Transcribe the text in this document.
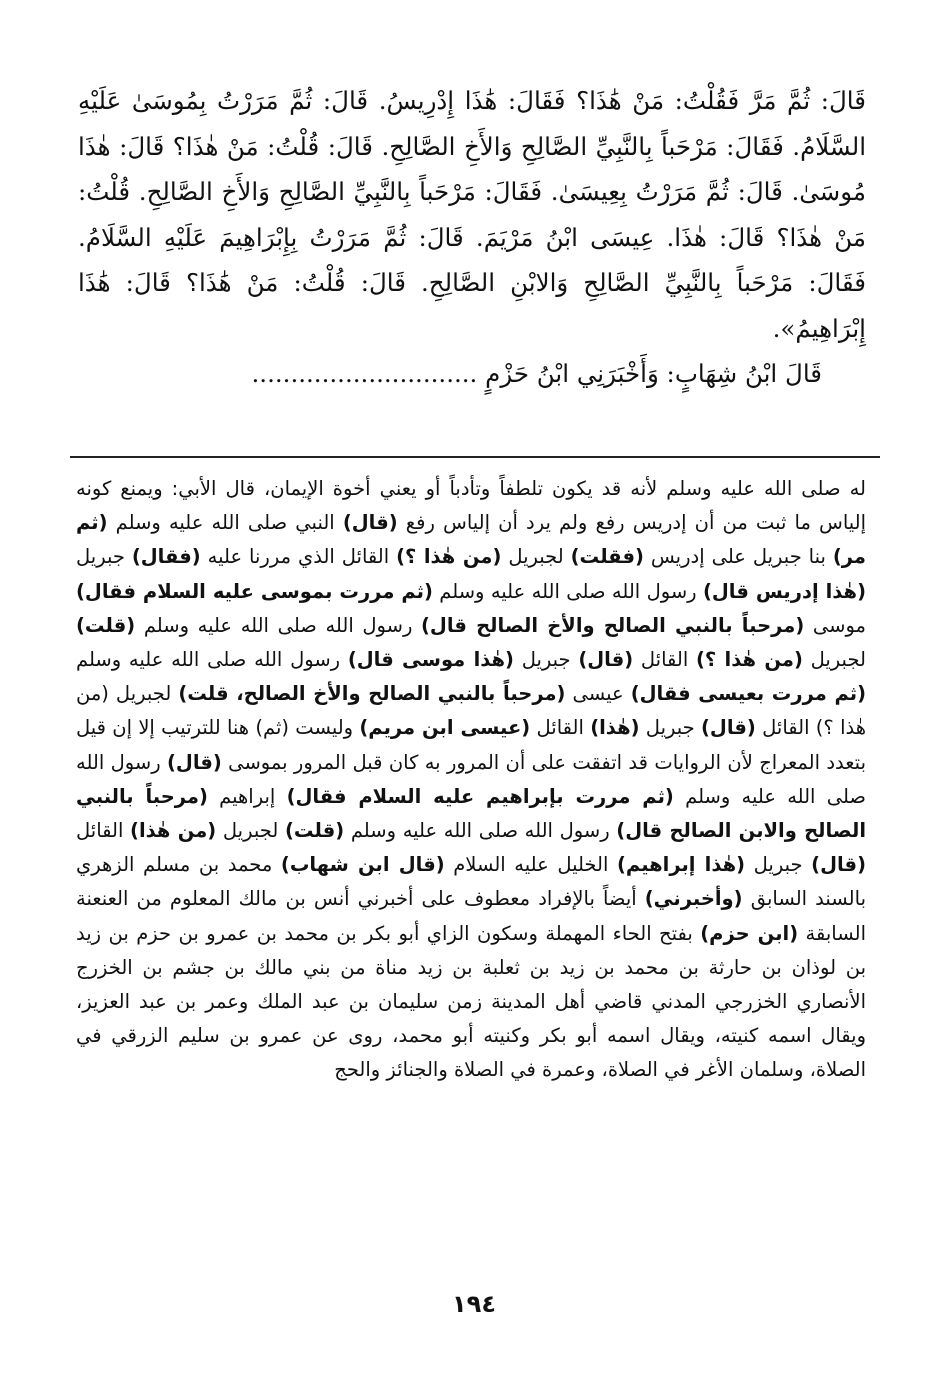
قَالَ: ثُمَّ مَرَّ فَقُلْتُ: مَنْ هَٰذَا؟ فَقَالَ: هَٰذَا إِدْرِيسُ. قَالَ: ثُمَّ مَرَرْتُ بِمُوسَىٰ عَلَيْهِ السَّلَامُ. فَقَالَ: مَرْحَباً بِالنَّبِيِّ الصَّالِحِ وَالأَخِ الصَّالِحِ. قَالَ: قُلْتُ: مَنْ هٰذَا؟ قَالَ: هٰذَا مُوسَىٰ. قَالَ: ثُمَّ مَرَرْتُ بِعِيسَىٰ. فَقَالَ: مَرْحَباً بِالنَّبِيِّ الصَّالِحِ وَالأَخِ الصَّالِحِ. قُلْتُ: مَنْ هٰذَا؟ قَالَ: هٰذَا. عِيسَى ابْنُ مَرْيَمَ. قَالَ: ثُمَّ مَرَرْتُ بِإِبْرَاهِيمَ عَلَيْهِ السَّلَامُ. فَقَالَ: مَرْحَباً بِالنَّبِيِّ الصَّالِحِ وَالابْنِ الصَّالِحِ. قَالَ: قُلْتُ: مَنْ هَٰذَا؟ قَالَ: هَٰذَا إِبْرَاهِيمُ».

قَالَ ابْنُ شِهَابٍ: وَأَخْبَرَنِي ابْنُ حَزْمٍ .............................

له صلى الله عليه وسلم لأنه قد يكون تلطفاً وتأدباً أو يعني أخوة الإيمان، قال الأبي: ويمنع كونه إلياس ما ثبت من أن إدريس رفع ولم يرد أن إلياس رفع (قال) النبي صلى الله عليه وسلم (ثم مر) بنا جبريل على إدريس (فقلت) لجبريل (من هٰذا ؟) القائل الذي مررنا عليه (فقال) جبريل (هٰذا إدريس قال) رسول الله صلى الله عليه وسلم (ثم مررت بموسى عليه السلام فقال) موسى (مرحباً بالنبي الصالح والأخ الصالح قال) رسول الله صلى الله عليه وسلم (قلت) لجبريل (من هٰذا ؟) القائل (قال) جبريل (هٰذا موسى قال) رسول الله صلى الله عليه وسلم (ثم مررت بعيسى فقال) عيسى (مرحباً بالنبي الصالح والأخ الصالح، قلت) لجبريل (من هٰذا ؟) القائل (قال) جبريل (هٰذا) القائل (عيسى ابن مريم) وليست (ثم) هنا للترتيب إلا إن قيل بتعدد المعراج لأن الروايات قد اتفقت على أن المرور به كان قبل المرور بموسى (قال) رسول الله صلى الله عليه وسلم (ثم مررت بإبراهيم عليه السلام فقال) إبراهيم (مرحباً بالنبي الصالح والابن الصالح قال) رسول الله صلى الله عليه وسلم (قلت) لجبريل (من هٰذا) القائل (قال) جبريل (هٰذا إبراهيم) الخليل عليه السلام (قال ابن شهاب) محمد بن مسلم الزهري بالسند السابق (وأخبرني) أيضاً بالإفراد معطوف على أخبرني أنس بن مالك المعلوم من العنعنة السابقة (ابن حزم) بفتح الحاء المهملة وسكون الزاي أبو بكر بن محمد بن عمرو بن حزم بن زيد بن لوذان بن حارثة بن محمد بن زيد بن ثعلبة بن زيد مناة من بني مالك بن جشم بن الخزرج الأنصاري الخزرجي المدني قاضي أهل المدينة زمن سليمان بن عبد الملك وعمر بن عبد العزيز، ويقال اسمه كنيته، ويقال اسمه أبو بكر وكنيته أبو محمد، روى عن عمرو بن سليم الزرقي في الصلاة، وسلمان الأغر في الصلاة، وعمرة في الصلاة والجنائز والحج

١٩٤
